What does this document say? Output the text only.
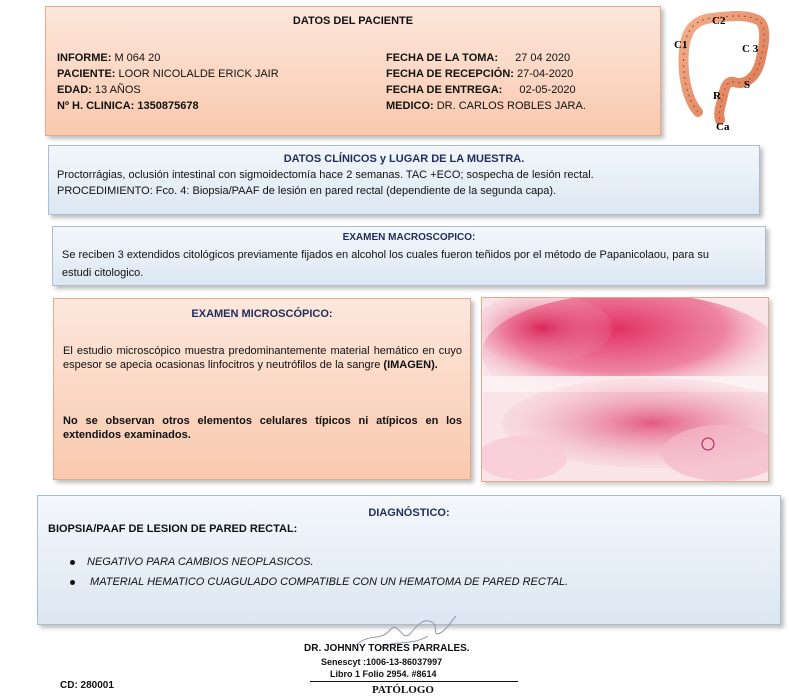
DATOS DEL PACIENTE
INFORME: M 064 20
PACIENTE: LOOR NICOLALDE ERICK JAIR
EDAD: 13 AÑOS
Nº H. CLINICA: 1350875678
FECHA DE LA TOMA: 27 04 2020
FECHA DE RECEPCIÓN: 27-04-2020
FECHA DE ENTREGA: 02-05-2020
MEDICO: DR. CARLOS ROBLES JARA.
C2
C1	C 3
S
R
Ca
DATOS CLÍNICOS y LUGAR DE LA MUESTRA.
Proctorrágias, oclusión intestinal con sigmoidectomía hace 2 semanas. TAC +ECO; sospecha de lesión rectal.
PROCEDIMIENTO: Fco. 4: Biopsia/PAAF de lesión en pared rectal (dependiente de la segunda capa).
EXAMEN MACROSCOPICO:
Se reciben 3 extendidos citológicos previamente fijados en alcohol los cuales fueron teñidos por el método de Papanicolaou, para su estudi citologico.
EXAMEN MICROSCÓPICO:
El estudio microscópico muestra predominantemente material hemático en cuyo espesor se apecia ocasionas linfocitros y neutrófilos de la sangre (IMAGEN).
No se observan otros elementos celulares típicos ni atípicos en los extendidos examinados.
DIAGNÓSTICO:
BIOPSIA/PAAF DE LESION DE PARED RECTAL:
NEGATIVO PARA CAMBIOS NEOPLASICOS.
MATERIAL HEMATICO CUAGULADO COMPATIBLE CON UN HEMATOMA DE PARED RECTAL.
DR. JOHNNY TORRES PARRALES.
Senescyt :1006-13-86037997
Libro 1 Folio 2954. #8614
PATÓLOGO
CD: 280001
